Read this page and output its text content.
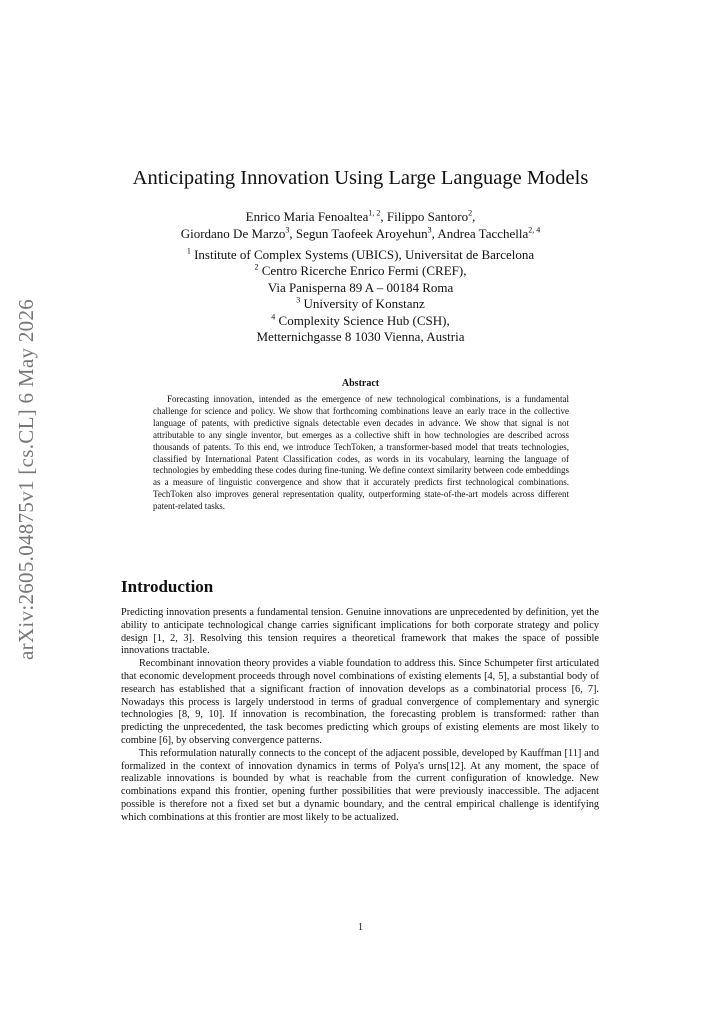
arXiv:2605.04875v1 [cs.CL] 6 May 2026
Anticipating Innovation Using Large Language Models
Enrico Maria Fenoaltea$^{1, 2}$, Filippo Santoro$^2$,
Giordano De Marzo$^3$, Segun Taofeek Aroyehun$^3$, Andrea Tacchella$^{2, 4}$
$^1$ Institute of Complex Systems (UBICS), Universitat de Barcelona
$^2$ Centro Ricerche Enrico Fermi (CREF),
Via Panisperna 89 A – 00184 Roma
$^3$ University of Konstanz
$^4$ Complexity Science Hub (CSH),
Metternichgasse 8 1030 Vienna, Austria
Abstract
Forecasting innovation, intended as the emergence of new technological combinations, is a fundamental challenge for science and policy. We show that forthcoming combinations leave an early trace in the collective language of patents, with predictive signals detectable even decades in advance. We show that signal is not attributable to any single inventor, but emerges as a collective shift in how technologies are described across thousands of patents. To this end, we introduce TechToken, a transformer-based model that treats technologies, classified by International Patent Classification codes, as words in its vocabulary, learning the language of technologies by embedding these codes during fine-tuning. We define context similarity between code embeddings as a measure of linguistic convergence and show that it accurately predicts first technological combinations. TechToken also improves general representation quality, outperforming state-of-the-art models across different patent-related tasks.
Introduction

Predicting innovation presents a fundamental tension. Genuine innovations are unprecedented by definition, yet the ability to anticipate technological change carries significant implications for both corporate strategy and policy design [1, 2, 3]. Resolving this tension requires a theoretical framework that makes the space of possible innovations tractable.

Recombinant innovation theory provides a viable foundation to address this. Since Schumpeter first articulated that economic development proceeds through novel combinations of existing elements [4, 5], a substantial body of research has established that a significant fraction of innovation develops as a combinatorial process [6, 7]. Nowadays this process is largely understood in terms of gradual convergence of complementary and synergic technologies [8, 9, 10]. If innovation is recombination, the forecasting problem is transformed: rather than predicting the unprecedented, the task becomes predicting which groups of existing elements are most likely to combine [6], by observing convergence patterns.

This reformulation naturally connects to the concept of the adjacent possible, developed by Kauffman [11] and formalized in the context of innovation dynamics in terms of Polya's urns[12]. At any moment, the space of realizable innovations is bounded by what is reachable from the current configuration of knowledge. New combinations expand this frontier, opening further possibilities that were previously inaccessible. The adjacent possible is therefore not a fixed set but a dynamic boundary, and the central empirical challenge is identifying which combinations at this frontier are most likely to be actualized.

1
